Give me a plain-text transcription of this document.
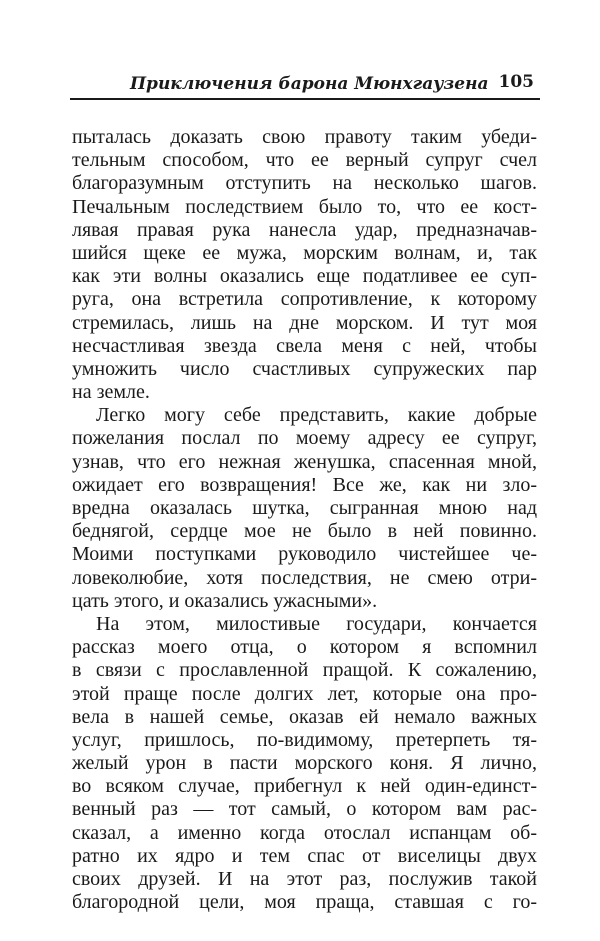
Приключения барона Мюнхгаузена 105
пыталась доказать свою правоту таким убеди-
тельным способом, что ее верный супруг счел
благоразумным отступить на несколько шагов.
Печальным последствием было то, что ее кост-
лявая правая рука нанесла удар, предназначав-
шийся щеке ее мужа, морским волнам, и, так
как эти волны оказались еще податливее ее суп-
руга, она встретила сопротивление, к которому
стремилась, лишь на дне морском. И тут моя
несчастливая звезда свела меня с ней, чтобы
умножить число счастливых супружеских пар
на земле.
Легко могу себе представить, какие добрые
пожелания послал по моему адресу ее супруг,
узнав, что его нежная женушка, спасенная мной,
ожидает его возвращения! Все же, как ни зло-
вредна оказалась шутка, сыгранная мною над
беднягой, сердце мое не было в ней повинно.
Моими поступками руководило чистейшее че-
ловеколюбие, хотя последствия, не смею отри-
цать этого, и оказались ужасными».
На этом, милостивые государи, кончается
рассказ моего отца, о котором я вспомнил
в связи с прославленной пращой. К сожалению,
этой праще после долгих лет, которые она про-
вела в нашей семье, оказав ей немало важных
услуг, пришлось, по-видимому, претерпеть тя-
желый урон в пасти морского коня. Я лично,
во всяком случае, прибегнул к ней один-единст-
венный раз — тот самый, о котором вам рас-
сказал, а именно когда отослал испанцам об-
ратно их ядро и тем спас от виселицы двух
своих друзей. И на этот раз, послужив такой
благородной цели, моя праща, ставшая с го-
